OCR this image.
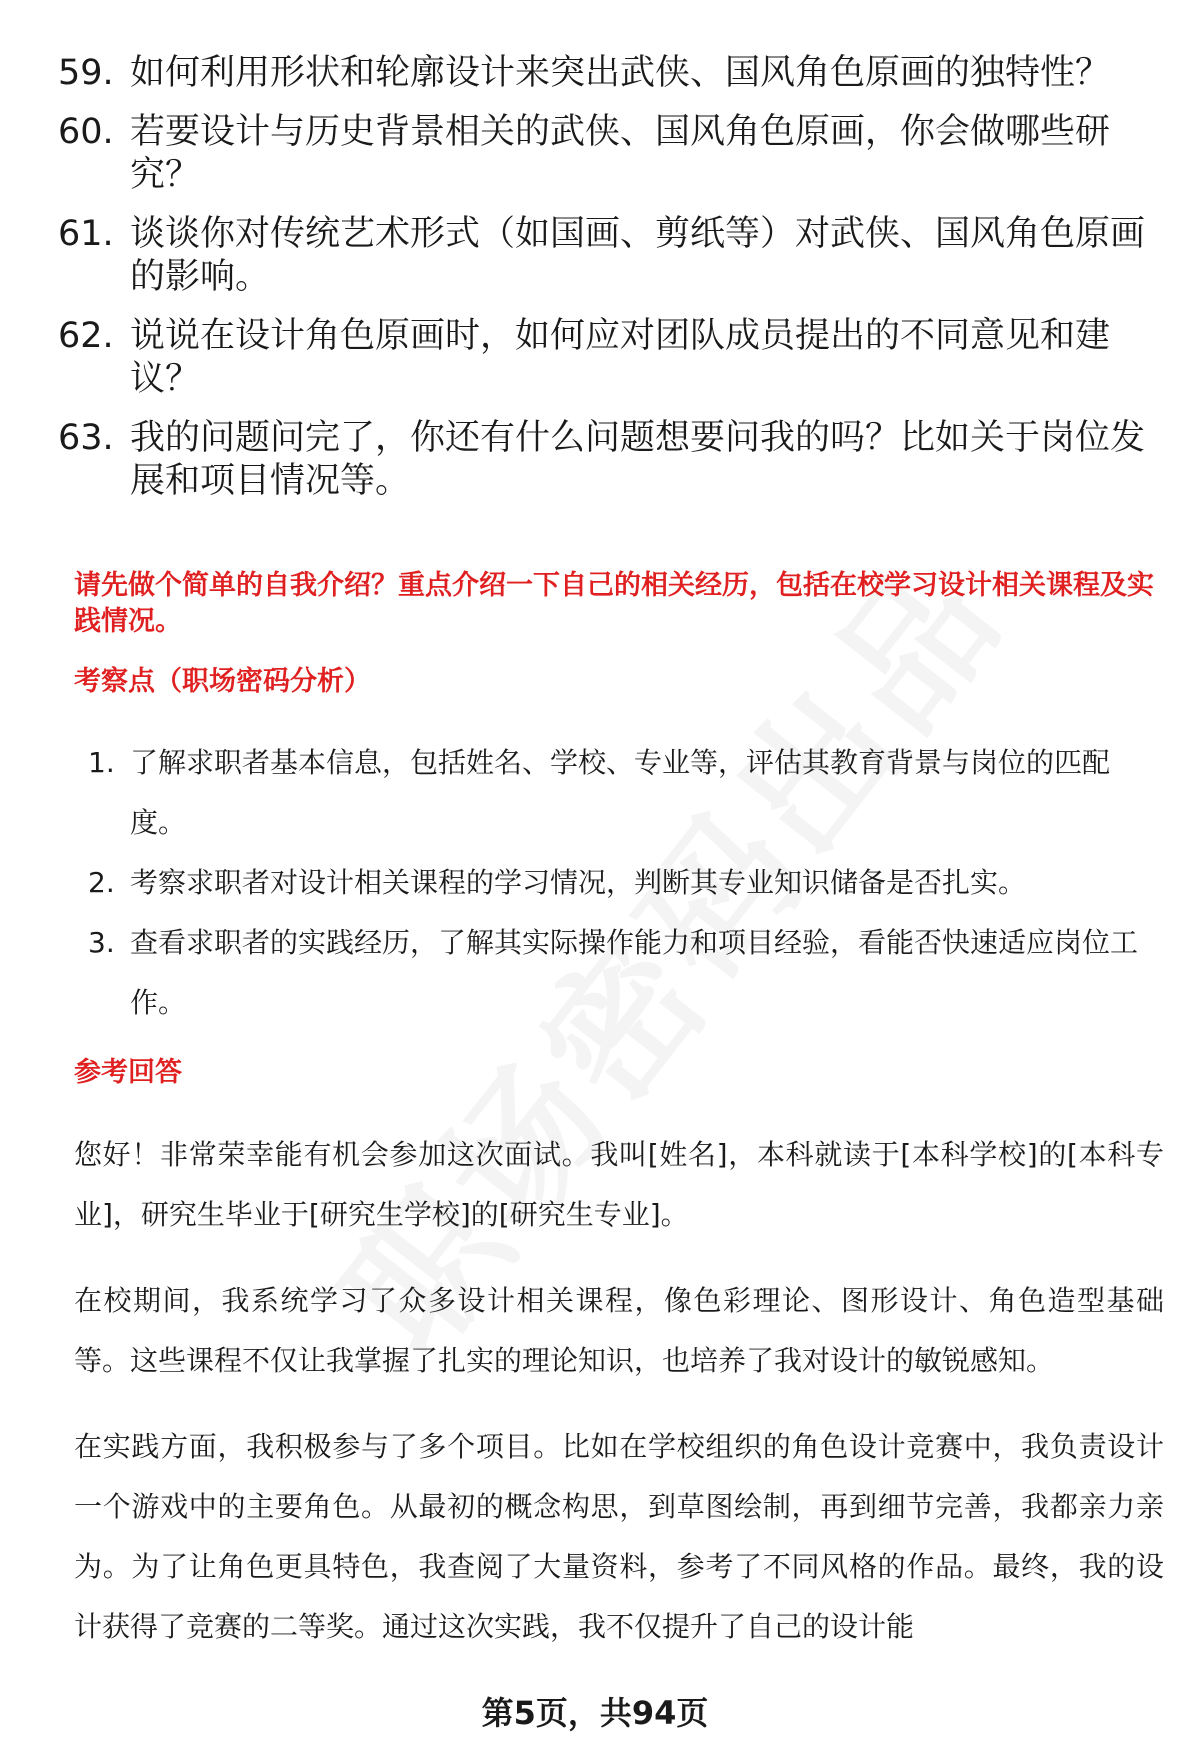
59. 如何利用形状和轮廓设计来突出武侠、国风角色原画的独特性？
60. 若要设计与历史背景相关的武侠、国风角色原画，你会做哪些研究？
61. 谈谈你对传统艺术形式（如国画、剪纸等）对武侠、国风角色原画的影响。
62. 说说在设计角色原画时，如何应对团队成员提出的不同意见和建议？
63. 我的问题问完了，你还有什么问题想要问我的吗？比如关于岗位发展和项目情况等。
请先做个简单的自我介绍？重点介绍一下自己的相关经历，包括在校学习设计相关课程及实践情况。
考察点（职场密码分析）
1. 了解求职者基本信息，包括姓名、学校、专业等，评估其教育背景与岗位的匹配度。
2. 考察求职者对设计相关课程的学习情况，判断其专业知识储备是否扎实。
3. 查看求职者的实践经历，了解其实际操作能力和项目经验，看能否快速适应岗位工作。
参考回答

您好！非常荣幸能有机会参加这次面试。我叫[姓名]，本科就读于[本科学校]的[本科专业]，研究生毕业于[研究生学校]的[研究生专业]。

在校期间，我系统学习了众多设计相关课程，像色彩理论、图形设计、角色造型基础等。这些课程不仅让我掌握了扎实的理论知识，也培养了我对设计的敏锐感知。

在实践方面，我积极参与了多个项目。比如在学校组织的角色设计竞赛中，我负责设计一个游戏中的主要角色。从最初的概念构思，到草图绘制，再到细节完善，我都亲力亲为。为了让角色更具特色，我查阅了大量资料，参考了不同风格的作品。最终，我的设计获得了竞赛的二等奖。通过这次实践，我不仅提升了自己的设计能

第5页，共94页
